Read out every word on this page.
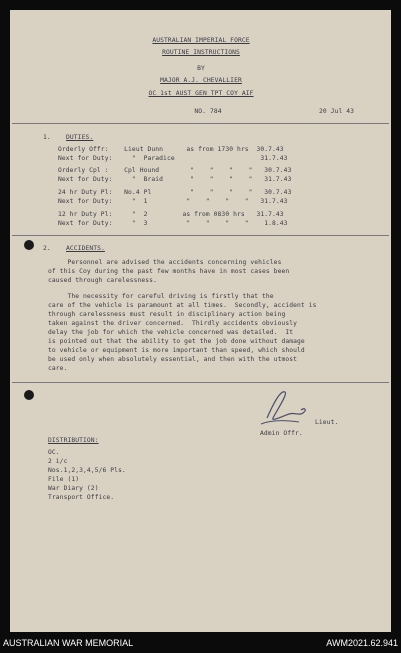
AUSTRALIAN IMPERIAL FORCE
ROUTINE INSTRUCTIONS
BY
MAJOR A.J. CHEVALLIER
OC 1st AUST GEN TPT COY AIF
NO. 784	20 Jul 43
1. DUTIES.
Orderly Offr:    Lieut Dunn      as from 1730 hrs  30.7.43
Next for Duty:     "  Paradice                      31.7.43
Orderly Cpl :    Cpl Hound        "    "    "    "   30.7.43
Next for Duty:     "  Braid       "    "    "    "   31.7.43
24 hr Duty Pl:   No.4 Pl          "    "    "    "   30.7.43
Next for Duty:     "  1          "    "    "    "   31.7.43
12 hr Duty Pl:     "  2         as from 0830 hrs   31.7.43
Next for Duty:     "  3          "    "    "    "    1.8.43
2. ACCIDENTS.
Personnel are advised the accidents concerning vehicles
of this Coy during the past few months have in most cases been
caused through carelessness.
The necessity for careful driving is firstly that the
care of the vehicle is paramount at all times.  Secondly, accident is
through carelessness must result in disciplinary action being
taken against the driver concerned.  Thirdly accidents obviously
delay the job for which the vehicle concerned was detailed.  It
is pointed out that the ability to get the job done without damage
to vehicle or equipment is more important than speed, which should
be used only when absolutely essential, and then with the utmost
care.
Lieut.
Admin Offr.
DISTRIBUTION:
OC.
2 i/c
Nos.1,2,3,4,5/6 Pls.
File (1)
War Diary (2)
Transport Office.
AUSTRALIAN WAR MEMORIAL	AWM2021.62.941
